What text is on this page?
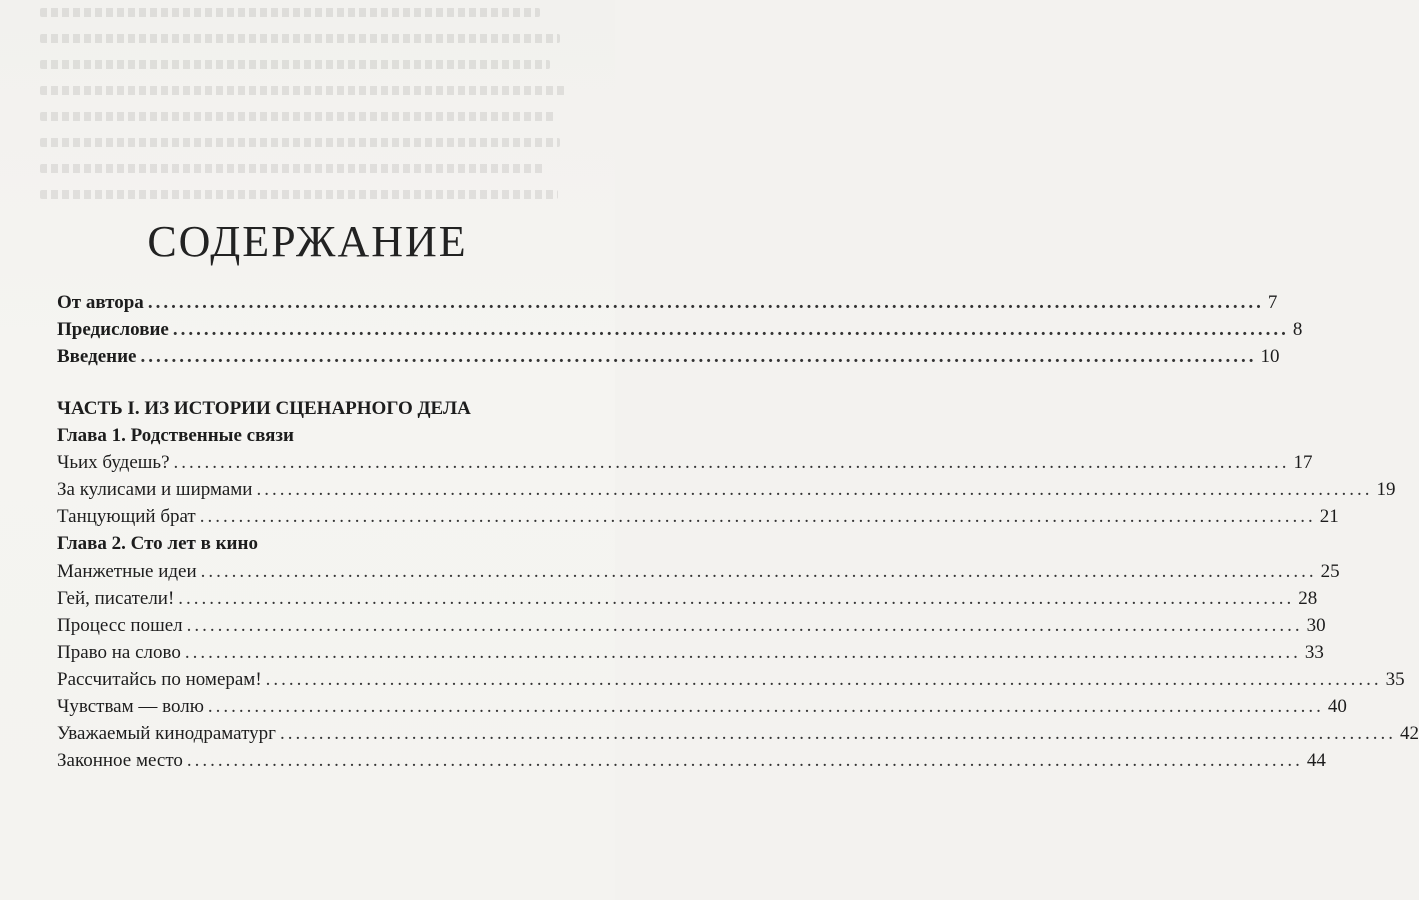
СОДЕРЖАНИЕ
От автора ................................................................................................................................................ 7
Предисловие ................................................................................................................................................ 8
Введение ................................................................................................................................................ 10
ЧАСТЬ I. ИЗ ИСТОРИИ СЦЕНАРНОГО ДЕЛА
Глава 1. Родственные связи
Чьих будешь? ................................................................................................................................................ 17
За кулисами и ширмами ................................................................................................................................................ 19
Танцующий брат ................................................................................................................................................ 21
Глава 2. Сто лет в кино
Манжетные идеи ................................................................................................................................................ 25
Гей, писатели! ................................................................................................................................................ 28
Процесс пошел ................................................................................................................................................ 30
Право на слово ................................................................................................................................................ 33
Рассчитайсь по номерам! ................................................................................................................................................ 35
Чувствам — волю ................................................................................................................................................ 40
Уважаемый кинодраматург ................................................................................................................................................ 42
Законное место ................................................................................................................................................ 44
